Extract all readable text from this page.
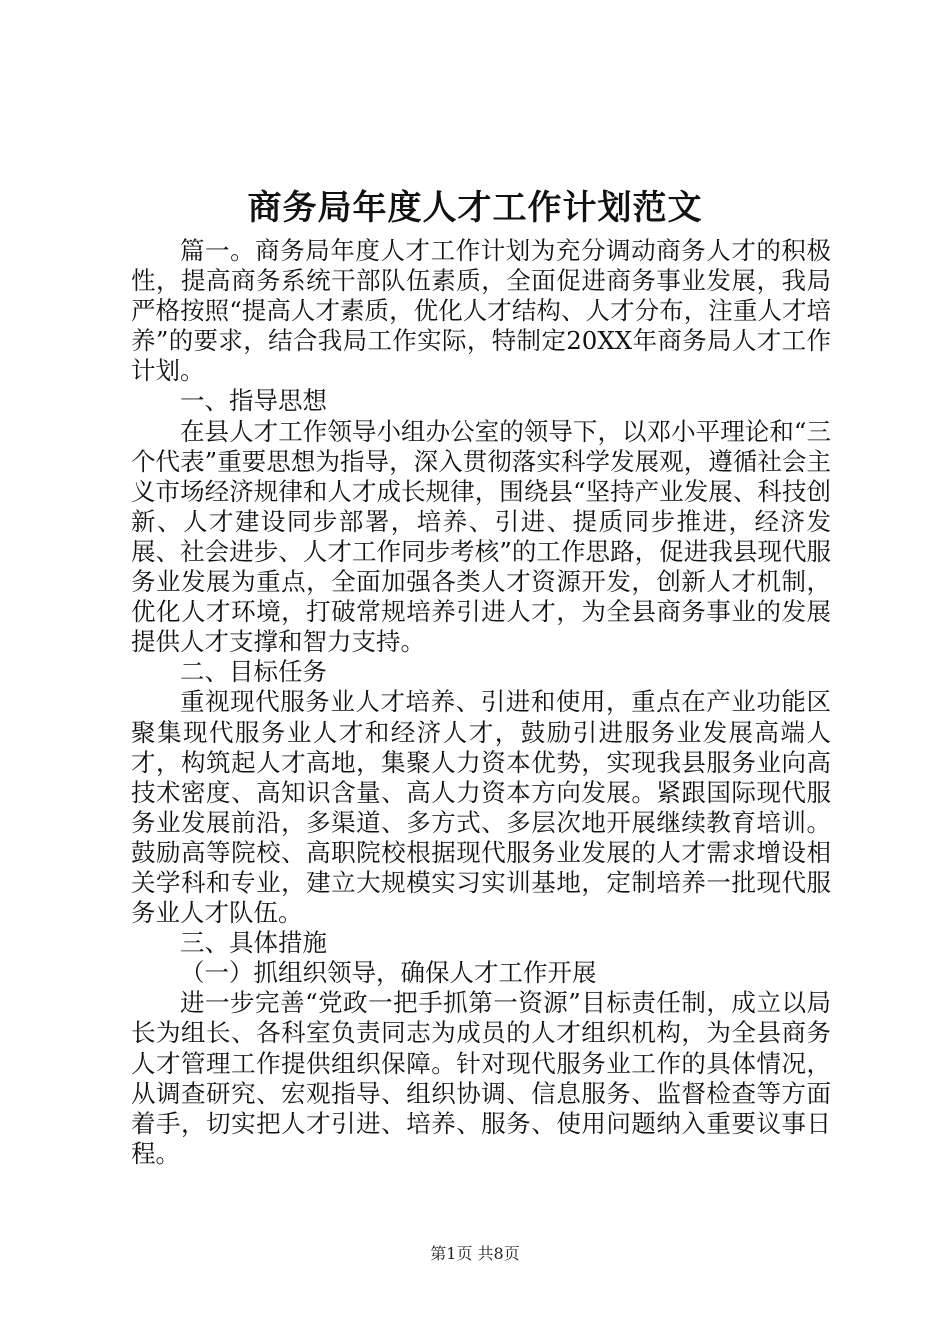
商务局年度人才工作计划范文

篇一。商务局年度人才工作计划为充分调动商务人才的积极性，提高商务系统干部队伍素质，全面促进商务事业发展，我局严格按照“提高人才素质，优化人才结构、人才分布，注重人才培养”的要求，结合我局工作实际，特制定20XX年商务局人才工作计划。

一、指导思想

在县人才工作领导小组办公室的领导下，以邓小平理论和“三个代表”重要思想为指导，深入贯彻落实科学发展观，遵循社会主义市场经济规律和人才成长规律，围绕县“坚持产业发展、科技创新、人才建设同步部署，培养、引进、提质同步推进，经济发展、社会进步、人才工作同步考核”的工作思路，促进我县现代服务业发展为重点，全面加强各类人才资源开发，创新人才机制，优化人才环境，打破常规培养引进人才，为全县商务事业的发展提供人才支撑和智力支持。

二、目标任务

重视现代服务业人才培养、引进和使用，重点在产业功能区聚集现代服务业人才和经济人才，鼓励引进服务业发展高端人才，构筑起人才高地，集聚人力资本优势，实现我县服务业向高技术密度、高知识含量、高人力资本方向发展。紧跟国际现代服务业发展前沿，多渠道、多方式、多层次地开展继续教育培训。鼓励高等院校、高职院校根据现代服务业发展的人才需求增设相关学科和专业，建立大规模实习实训基地，定制培养一批现代服务业人才队伍。

三、具体措施

（一）抓组织领导，确保人才工作开展

进一步完善“党政一把手抓第一资源”目标责任制，成立以局长为组长、各科室负责同志为成员的人才组织机构，为全县商务人才管理工作提供组织保障。针对现代服务业工作的具体情况，从调查研究、宏观指导、组织协调、信息服务、监督检查等方面着手，切实把人才引进、培养、服务、使用问题纳入重要议事日程。

第1页 共8页
